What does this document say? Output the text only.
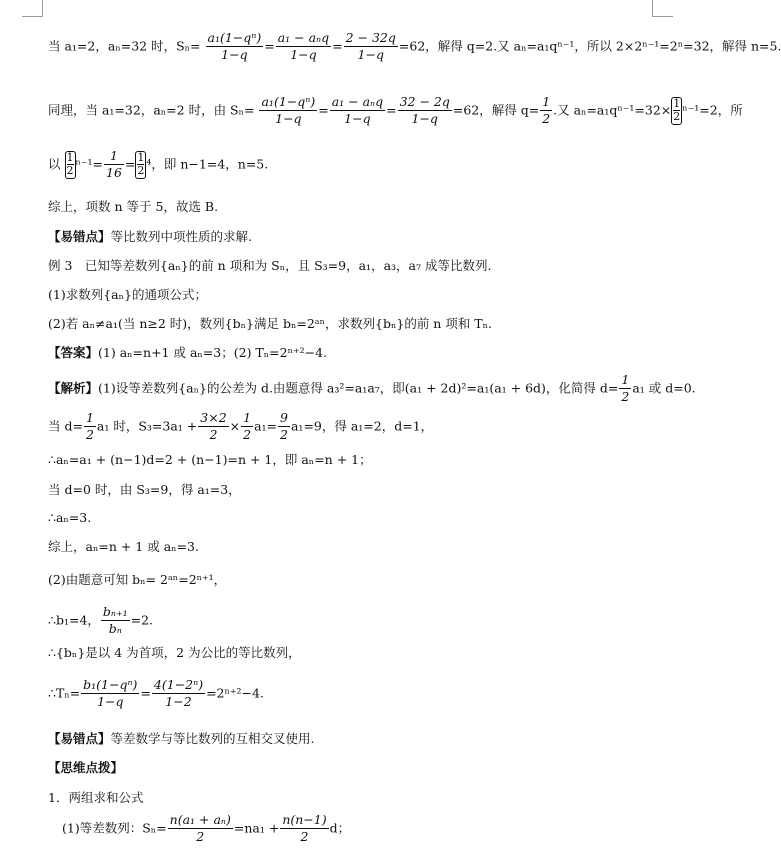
当 a₁=2，aₙ=32 时，$S_n= \frac{\text{a₁(1−qⁿ)}}{1-q} = \frac{\text{a₁ − aₙq}}{1-q} = \frac{2 - 32q}{1-q} =62$，解得 q=2.又 aₙ=a₁qⁿ⁻¹，所以 2×2ⁿ⁻¹=2ⁿ=32，解得 n=5.
同理，当 a₁=32，aₙ=2 时，由 $S_n= \frac{\text{a₁(1−qⁿ)}}{1-q} = \frac{\text{a₁ − aₙq}}{1-q} = \frac{32 - 2q}{1-q} =62$，解得 $q= \frac{1}{2}$ .又 $a_n=a_1q^{n-1}=32\times \frac{1}{2} ^{n-1}=2$，所
以 $\frac{1}{2} ^{n-1}= \frac{1}{16} = \frac{1}{2} ^4$，即 n−1=4，n=5.
综上，项数 n 等于 5，故选 B.
【易错点】等比数列中项性质的求解.
例 3　已知等差数列{aₙ}的前 n 项和为 Sₙ，且 S₃=9，a₁，a₃，a₇ 成等比数列.
(1)求数列{aₙ}的通项公式；
(2)若 aₙ≠a₁(当 n≥2 时)，数列{bₙ}满足 bₙ=2ᵃⁿ，求数列{bₙ}的前 n 项和 Tₙ.
【答案】(1) aₙ=n+1 或 aₙ=3；(2) Tₙ=2ⁿ⁺²−4.
【解析】(1)设等差数列{aₙ}的公差为 d.由题意得 a₃²=a₁a₇，即(a₁ + 2d)²=a₁(a₁ + 6d)，化简得 $d= \frac{1}{2} a_1$ 或 d=0.
当 $d= \frac{1}{2} a_1$ 时，$S_3=3a_1 + \frac{3\times 2}{2} \times \frac{1}{2} a_1= \frac{9}{2} a_1=9$，得 a₁=2，d=1，
∴aₙ=a₁ + (n−1)d=2 + (n−1)=n + 1，即 aₙ=n + 1；
当 d=0 时，由 S₃=9，得 a₁=3，
∴aₙ=3.
综上，aₙ=n + 1 或 aₙ=3.
(2)由题意可知 bₙ= 2ᵃⁿ=2ⁿ⁺¹，
∴b₁=4， $\frac{\text{bₙ₊₁}}{\text{bₙ}} =2$.
∴{bₙ}是以 4 为首项，2 为公比的等比数列，
∴Tₙ= $\frac{\text{b₁(1−qⁿ)}}{1-q} = \frac{\text{4(1−2ⁿ)}}{1-2} =2^{n+2}-4$.
【易错点】等差数学与等比数列的互相交叉使用.
【思维点拨】
1．两组求和公式
(1)等差数列：$S_n= \frac{\text{n(a₁ + aₙ)}}{2} =na_1 + \frac{n(n-1)}{2}$ d；
